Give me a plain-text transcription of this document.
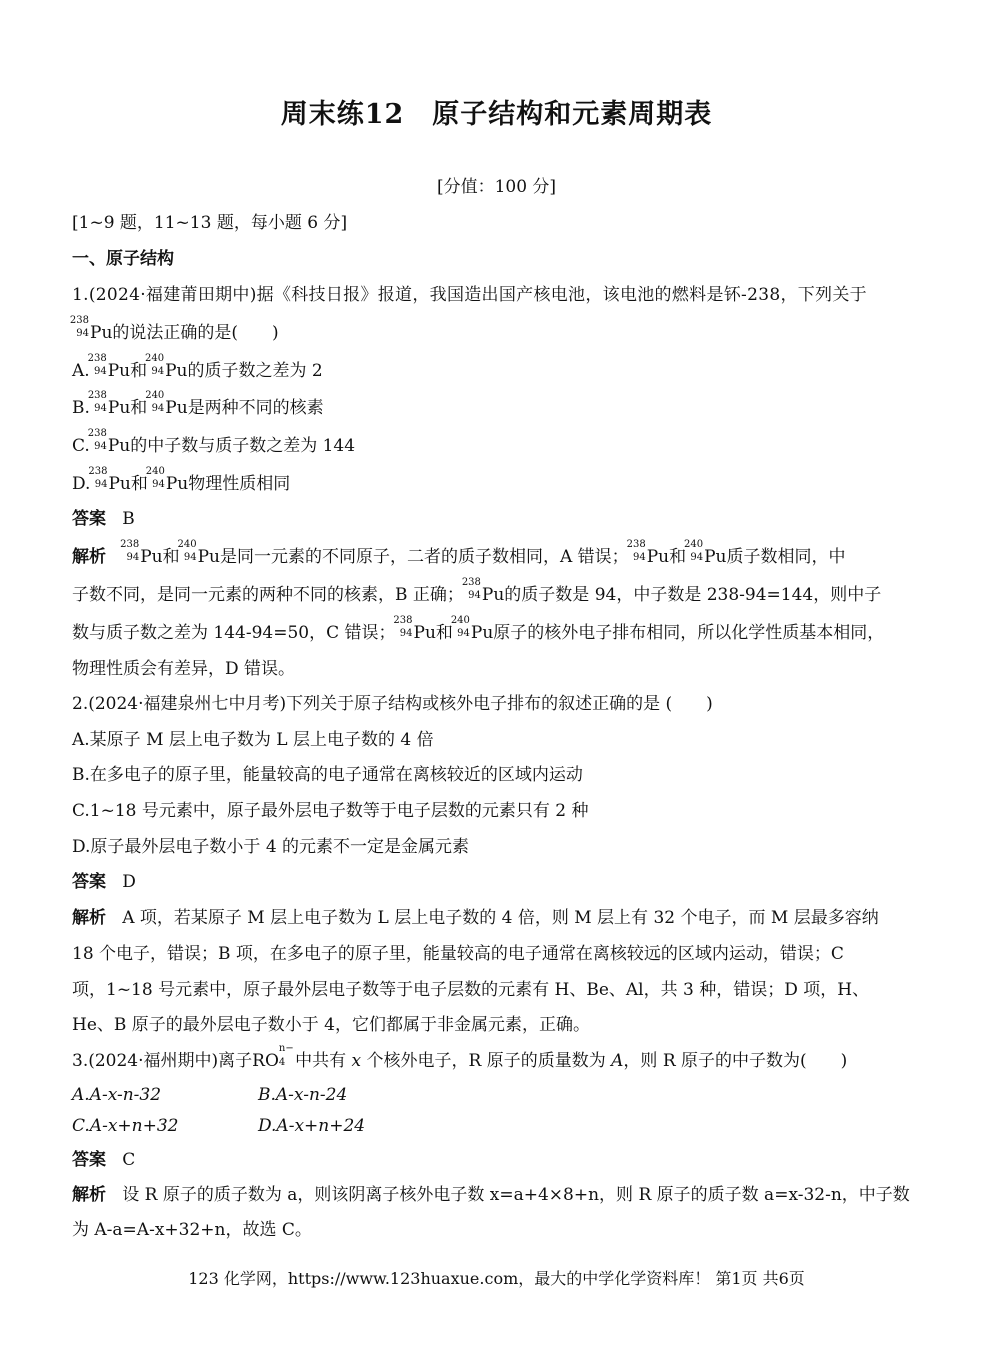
周末练12　原子结构和元素周期表
[分值：100 分]
[1~9 题，11~13 题，每小题 6 分]
一、原子结构
1.(2024·福建莆田期中)据《科技日报》报道，我国造出国产核电池，该电池的燃料是钚-238，下列关于
238
94 Pu的说法正确的是(　　)
A.
238
94 Pu和
240
94 Pu的质子数之差为 2
B.
238
94 Pu和
240
94 Pu是两种不同的核素
C.
238
94 Pu的中子数与质子数之差为 144
D.
238
94 Pu和
240
94 Pu物理性质相同
答案 B
解析
238
94 Pu和
240
94 Pu是同一元素的不同原子，二者的质子数相同，A 错误；
238
94 Pu和
240
94 Pu质子数相同，中
子数不同，是同一元素的两种不同的核素，B 正确；
238
94 Pu的质子数是 94，中子数是 238-94=144，则中子
数与质子数之差为 144-94=50，C 错误；
238
94 Pu和
240
94 Pu原子的核外电子排布相同，所以化学性质基本相同，
物理性质会有差异，D 错误。
2.(2024·福建泉州七中月考)下列关于原子结构或核外电子排布的叙述正确的是 (　　)
A.某原子 M 层上电子数为 L 层上电子数的 4 倍
B.在多电子的原子里，能量较高的电子通常在离核较近的区域内运动
C.1~18 号元素中，原子最外层电子数等于电子层数的元素只有 2 种
D.原子最外层电子数小于 4 的元素不一定是金属元素
答案 D
解析 A 项，若某原子 M 层上电子数为 L 层上电子数的 4 倍，则 M 层上有 32 个电子，而 M 层最多容纳
18 个电子，错误；B 项，在多电子的原子里，能量较高的电子通常在离核较远的区域内运动，错误；C
项，1~18 号元素中，原子最外层电子数等于电子层数的元素有 H、Be、Al，共 3 种，错误；D 项，H、
He、B 原子的最外层电子数小于 4，它们都属于非金属元素，正确。
3.(2024·福州期中)离子RO
n−
4 中共有 x 个核外电子，R 原子的质量数为 A，则 R 原子的中子数为(　　)
A.A-x-n-32	B.A-x-n-24
C.A-x+n+32	D.A-x+n+24
答案 C
解析 设 R 原子的质子数为 a，则该阴离子核外电子数 x=a+4×8+n，则 R 原子的质子数 a=x-32-n，中子数
为 A-a=A-x+32+n，故选 C。
123 化学网，https://www.123huaxue.com，最大的中学化学资料库！ 第1页 共6页
